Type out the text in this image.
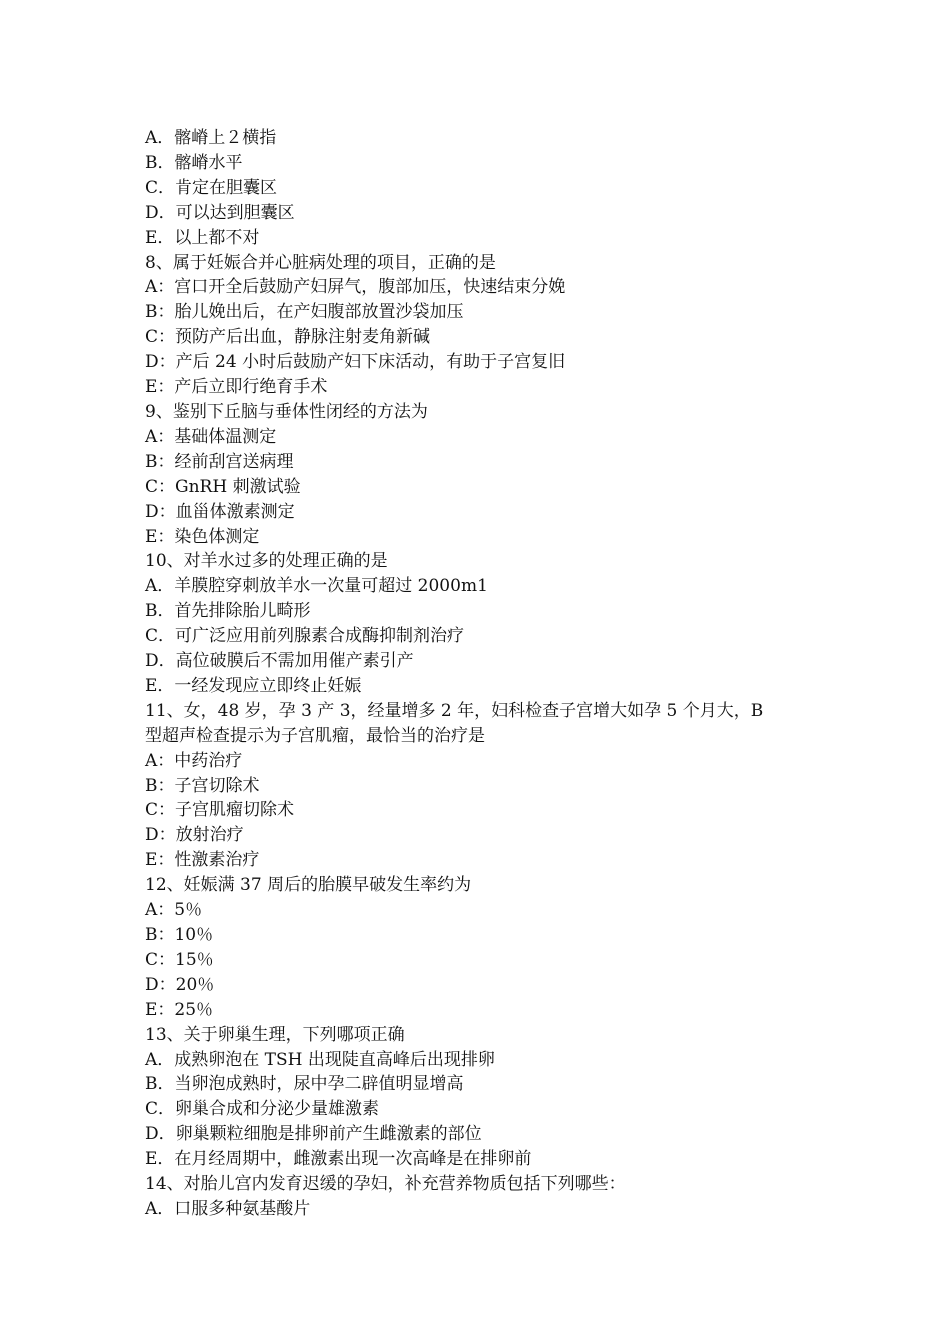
A．髂嵴上２横指

B．髂嵴水平

C．肯定在胆囊区

D．可以达到胆囊区

E．以上都不对

8、属于妊娠合并心脏病处理的项目，正确的是

A：宫口开全后鼓励产妇屏气，腹部加压，快速结束分娩

B：胎儿娩出后，在产妇腹部放置沙袋加压

C：预防产后出血，静脉注射麦角新碱

D：产后 24 小时后鼓励产妇下床活动，有助于子宫复旧

E：产后立即行绝育手术

9、鉴别下丘脑与垂体性闭经的方法为

A：基础体温测定

B：经前刮宫送病理

C：GnRH 刺激试验

D：血甾体激素测定

E：染色体测定

10、对羊水过多的处理正确的是

A．羊膜腔穿刺放羊水一次量可超过 2000m1

B．首先排除胎儿畸形

C．可广泛应用前列腺素合成酶抑制剂治疗

D．高位破膜后不需加用催产素引产

E．一经发现应立即终止妊娠

11、女，48 岁，孕 3 产 3，经量增多 2 年，妇科检查子宫增大如孕 5 个月大，B

型超声检查提示为子宫肌瘤，最恰当的治疗是

A：中药治疗

B：子宫切除术

C：子宫肌瘤切除术

D：放射治疗

E：性激素治疗

12、妊娠满 37 周后的胎膜早破发生率约为

A：5％

B：10％

C：15％

D：20％

E：25％

13、关于卵巢生理，下列哪项正确

A．成熟卵泡在 TSH 出现陡直高峰后出现排卵

B．当卵泡成熟时，尿中孕二辟值明显增高

C．卵巢合成和分泌少量雄激素

D．卵巢颗粒细胞是排卵前产生雌激素的部位

E．在月经周期中，雌激素出现一次高峰是在排卵前

14、对胎儿宫内发育迟缓的孕妇，补充营养物质包括下列哪些：

A．口服多种氨基酸片
